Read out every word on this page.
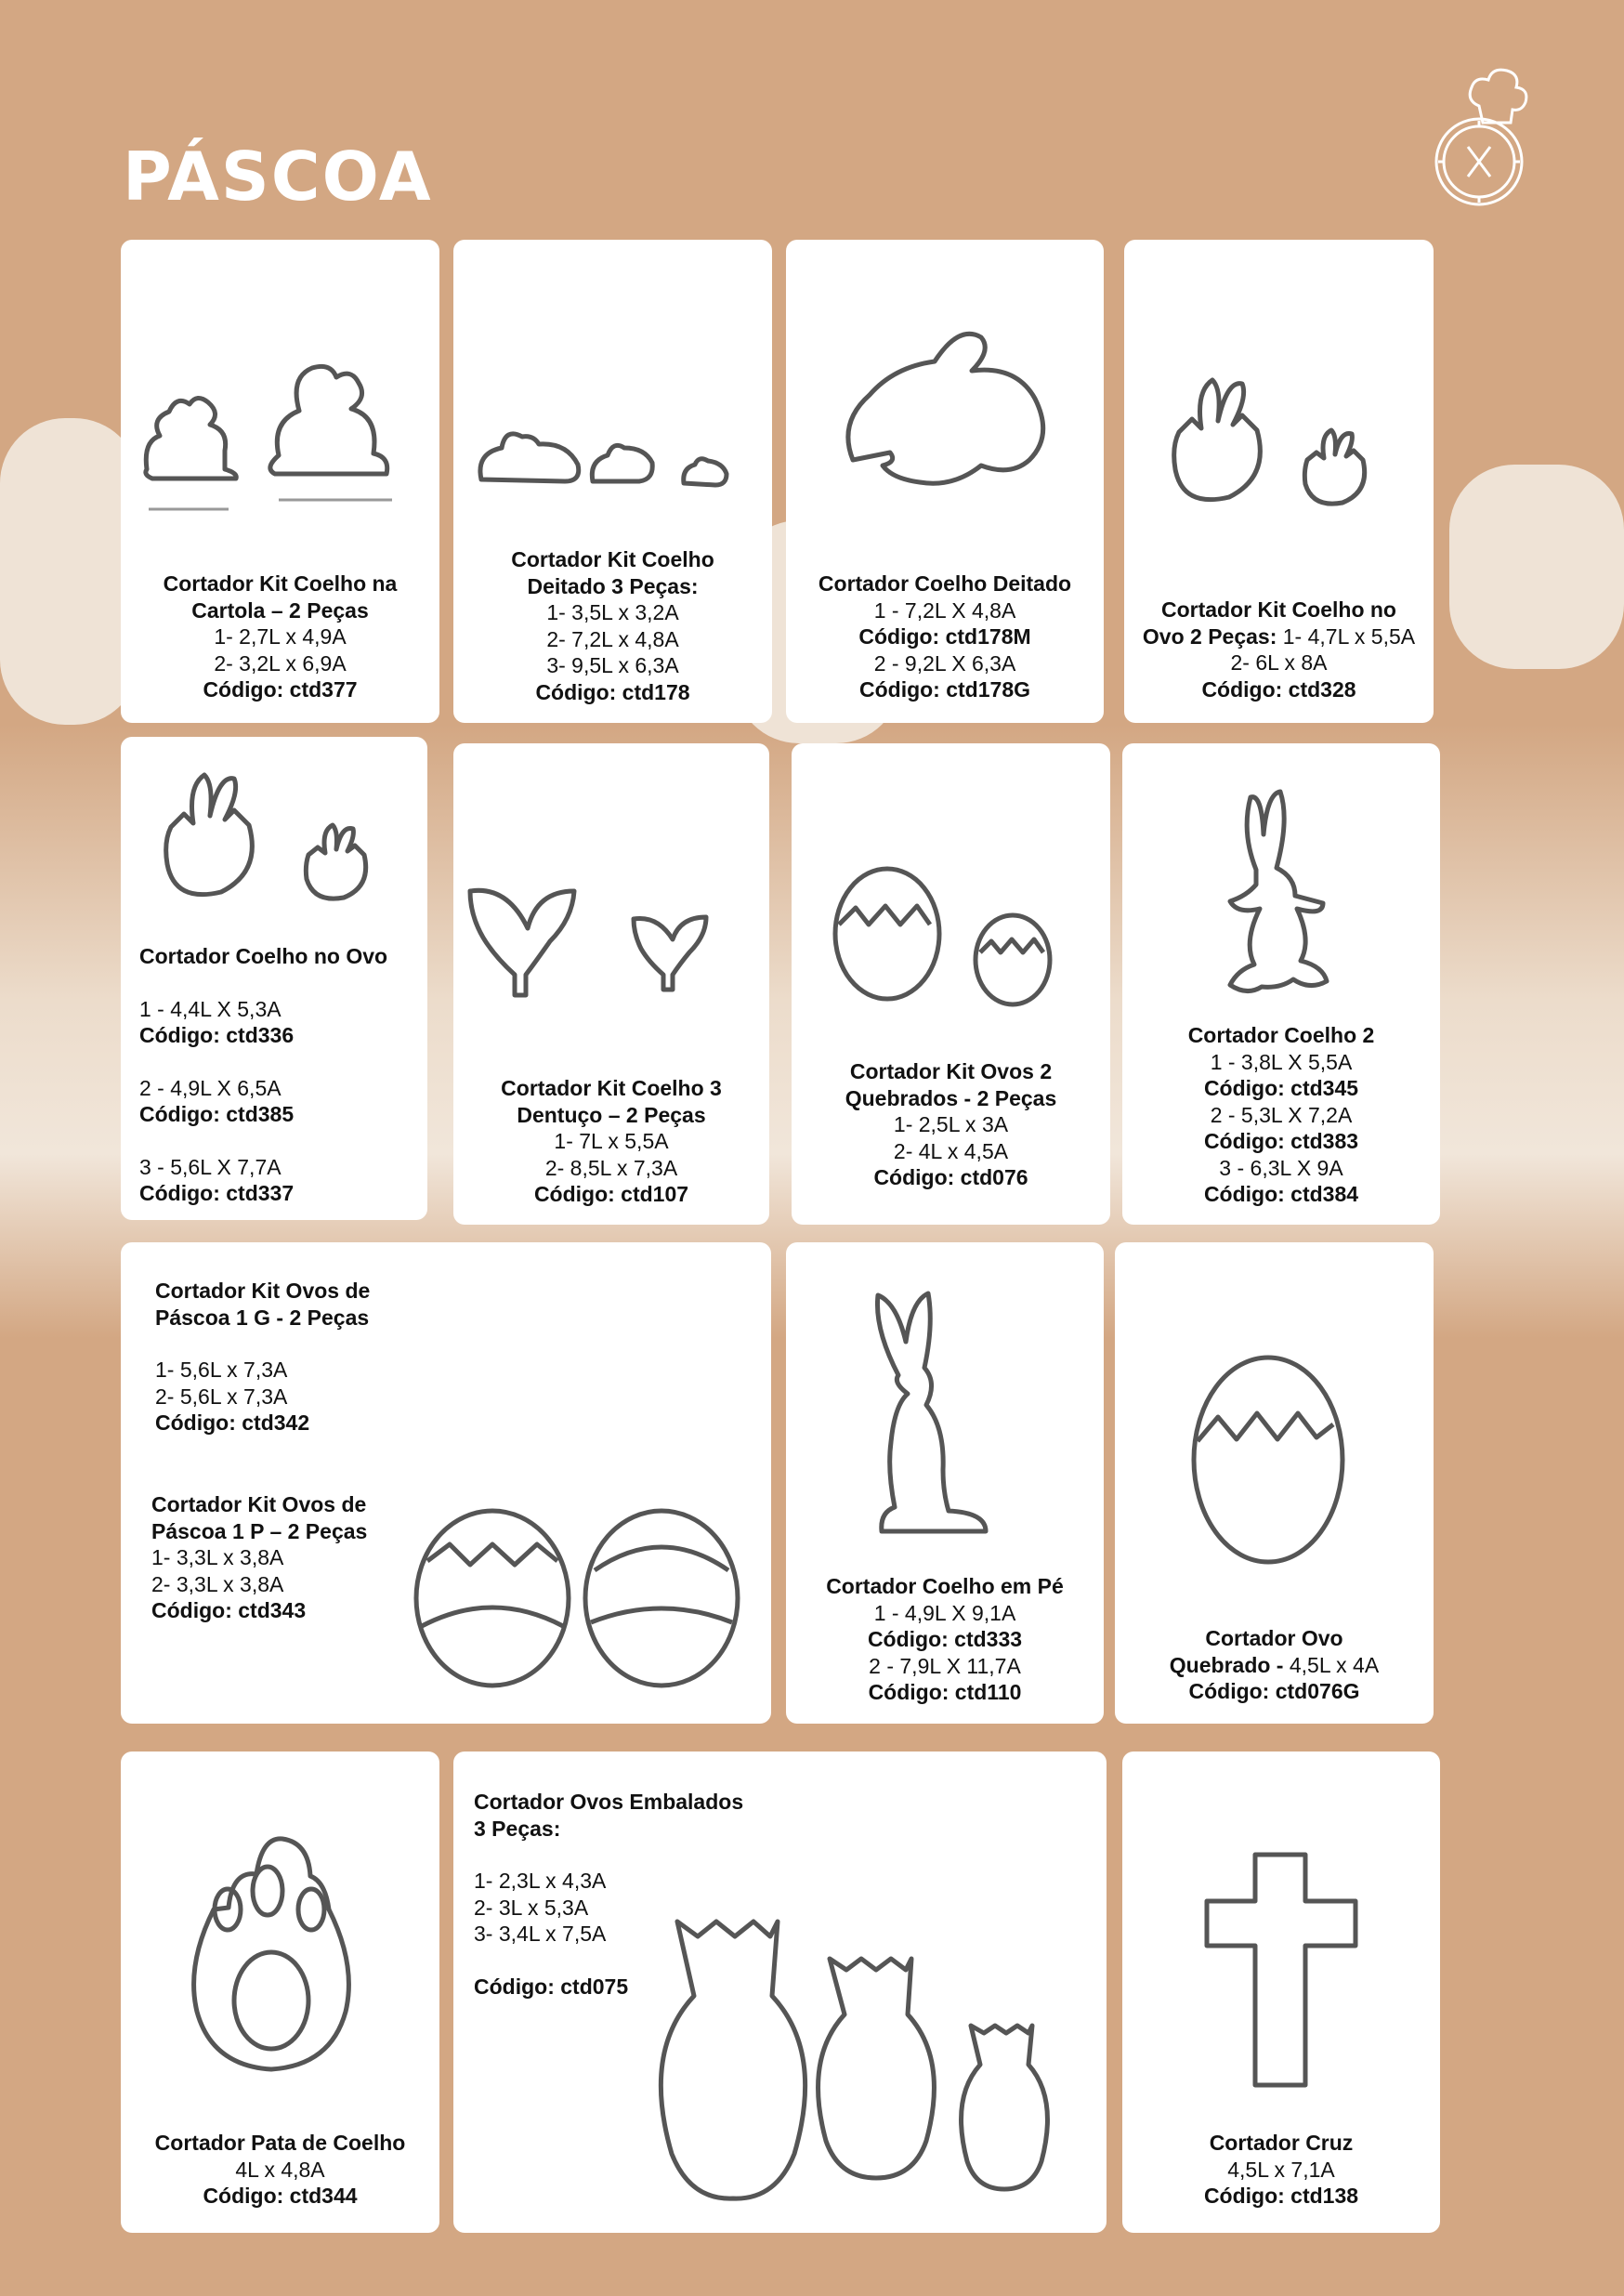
PÁSCOA
Cortador Kit Coelho na
Cartola – 2 Peças
1- 2,7L x 4,9A
2- 3,2L x 6,9A
Código: ctd377
Cortador Kit Coelho
Deitado 3 Peças:
1- 3,5L x 3,2A
2- 7,2L x 4,8A
3- 9,5L x 6,3A
Código: ctd178
Cortador Coelho Deitado
1 - 7,2L X 4,8A
Código: ctd178M
2 - 9,2L X 6,3A
Código: ctd178G
Cortador Kit Coelho no
Ovo 2 Peças: 1- 4,7L x 5,5A
2- 6L x 8A
Código: ctd328
Cortador Coelho no Ovo
1 - 4,4L X 5,3A
Código: ctd336
2 - 4,9L X 6,5A
Código: ctd385
3 - 5,6L X 7,7A
Código: ctd337
Cortador Kit Coelho 3
Dentuço – 2 Peças
1- 7L x 5,5A
2- 8,5L x 7,3A
Código: ctd107
Cortador Kit Ovos 2
Quebrados - 2 Peças
1- 2,5L x 3A
2- 4L x 4,5A
Código: ctd076
Cortador Coelho 2
1 - 3,8L X 5,5A
Código: ctd345
2 - 5,3L X 7,2A
Código: ctd383
3 - 6,3L X 9A
Código: ctd384
Cortador Kit Ovos de
Páscoa 1 G - 2 Peças
1- 5,6L x 7,3A
2- 5,6L x 7,3A
Código: ctd342
Cortador Kit Ovos de
Páscoa 1 P – 2 Peças
1- 3,3L x 3,8A
2- 3,3L x 3,8A
Código: ctd343
Cortador Coelho em Pé
1 - 4,9L X 9,1A
Código: ctd333
2 - 7,9L X 11,7A
Código: ctd110
Cortador Ovo
Quebrado - 4,5L x 4A
Código: ctd076G
Cortador Pata de Coelho
4L x 4,8A
Código: ctd344
Cortador Ovos Embalados
3 Peças:
1- 2,3L x 4,3A
2- 3L x 5,3A
3- 3,4L x 7,5A
Código: ctd075
Cortador Cruz
4,5L x 7,1A
Código: ctd138
